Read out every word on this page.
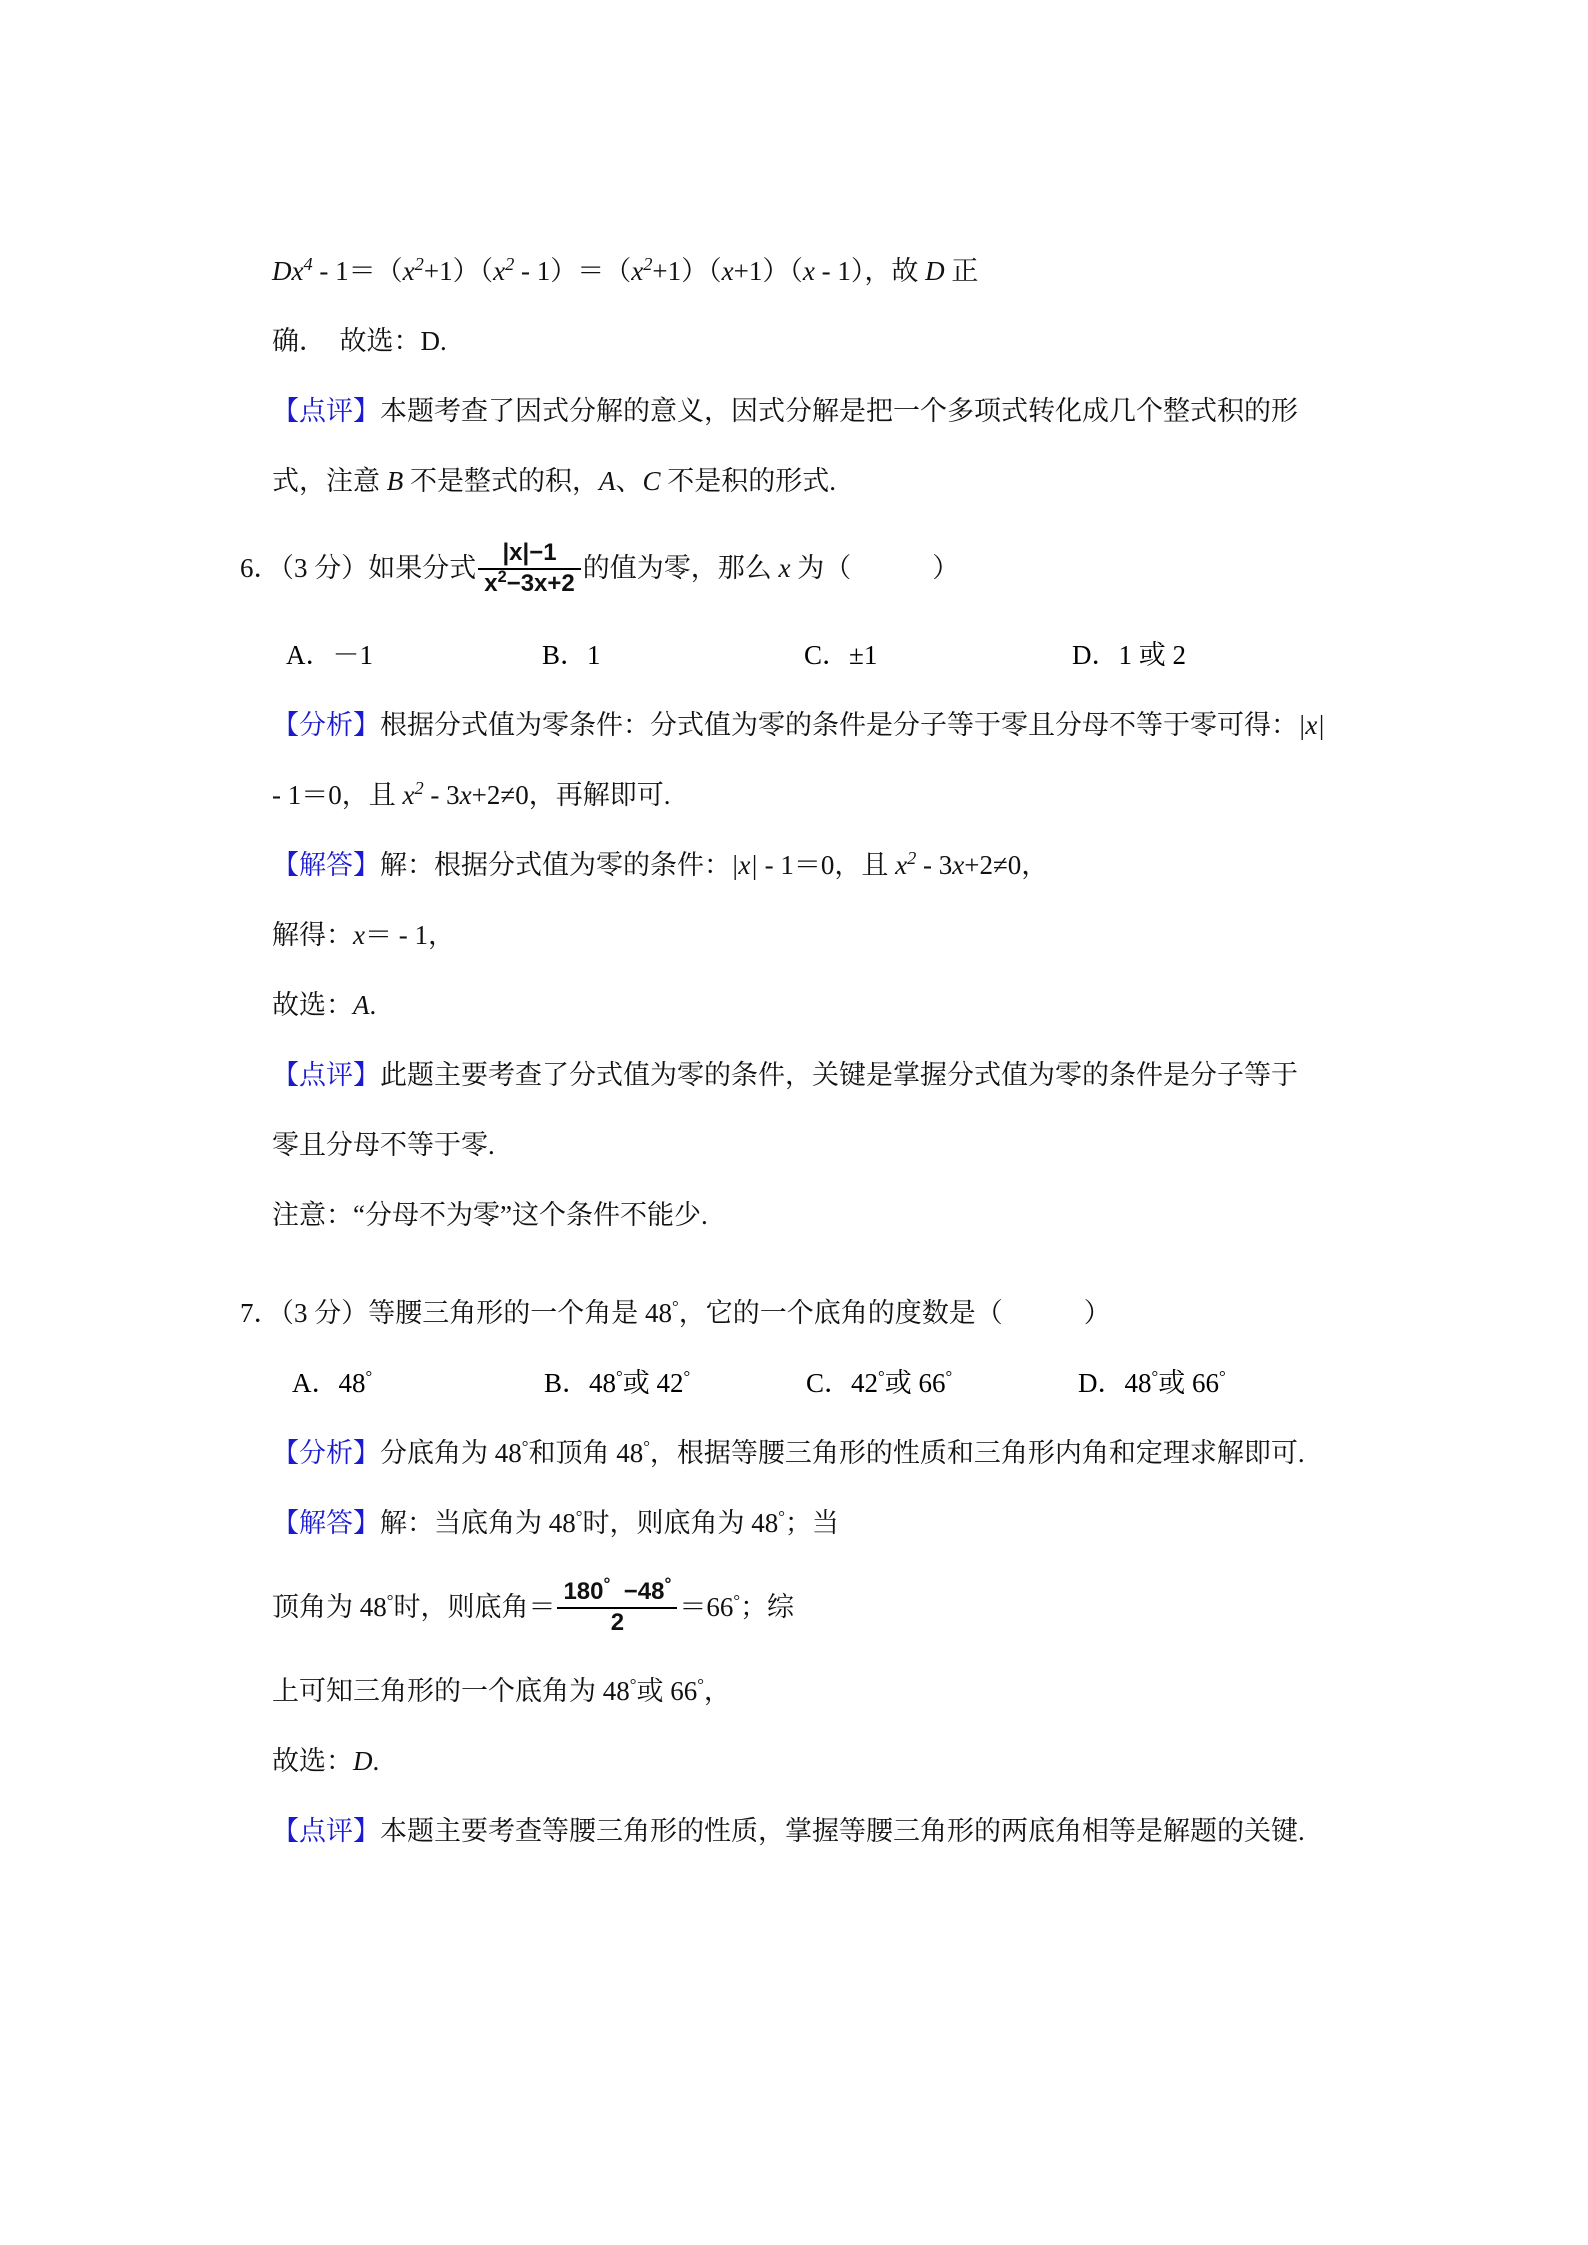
$Dx^4 - 1=(x^2+1)(x^2 - 1)=(x^2+1)(x+1)(x - 1)$，故 D 正
确．　故选：D.
【点评】本题考查了因式分解的意义，因式分解是把一个多项式转化成几个整式积的形
式，注意 B 不是整式的积，A、C 不是积的形式.
6．（3 分）如果分式 $\frac{|x|-1}{x^2-3x+2}$ 的值为零，那么 x 为（　　　）
A．－1	B．1	C．±1	D．1 或 2
【分析】根据分式值为零条件：分式值为零的条件是分子等于零且分母不等于零可得：|x|
- 1＝0，且 $x^2 - 3x+2\ne 0$，再解即可.
【解答】解：根据分式值为零的条件：|x| - 1＝0，且 $x^2 - 3x+2\ne 0$，
解得：x＝ - 1，
故选：A.
【点评】此题主要考查了分式值为零的条件，关键是掌握分式值为零的条件是分子等于
零且分母不等于零.
注意：“分母不为零”这个条件不能少.
7．（3 分）等腰三角形的一个角是 48°，它的一个底角的度数是（　　　）
A．48°	B．48°或 42°	C．42°或 66°	D．48°或 66°
【分析】分底角为 48°和顶角 48°，根据等腰三角形的性质和三角形内角和定理求解即可.
【解答】解：当底角为 48°时，则底角为 48°；当
顶角为 48°时，则底角＝ $\frac{180^\circ -48^\circ}{2} =66^\circ$；综
上可知三角形的一个底角为 48°或 66°，
故选：D.
【点评】本题主要考查等腰三角形的性质，掌握等腰三角形的两底角相等是解题的关键.
